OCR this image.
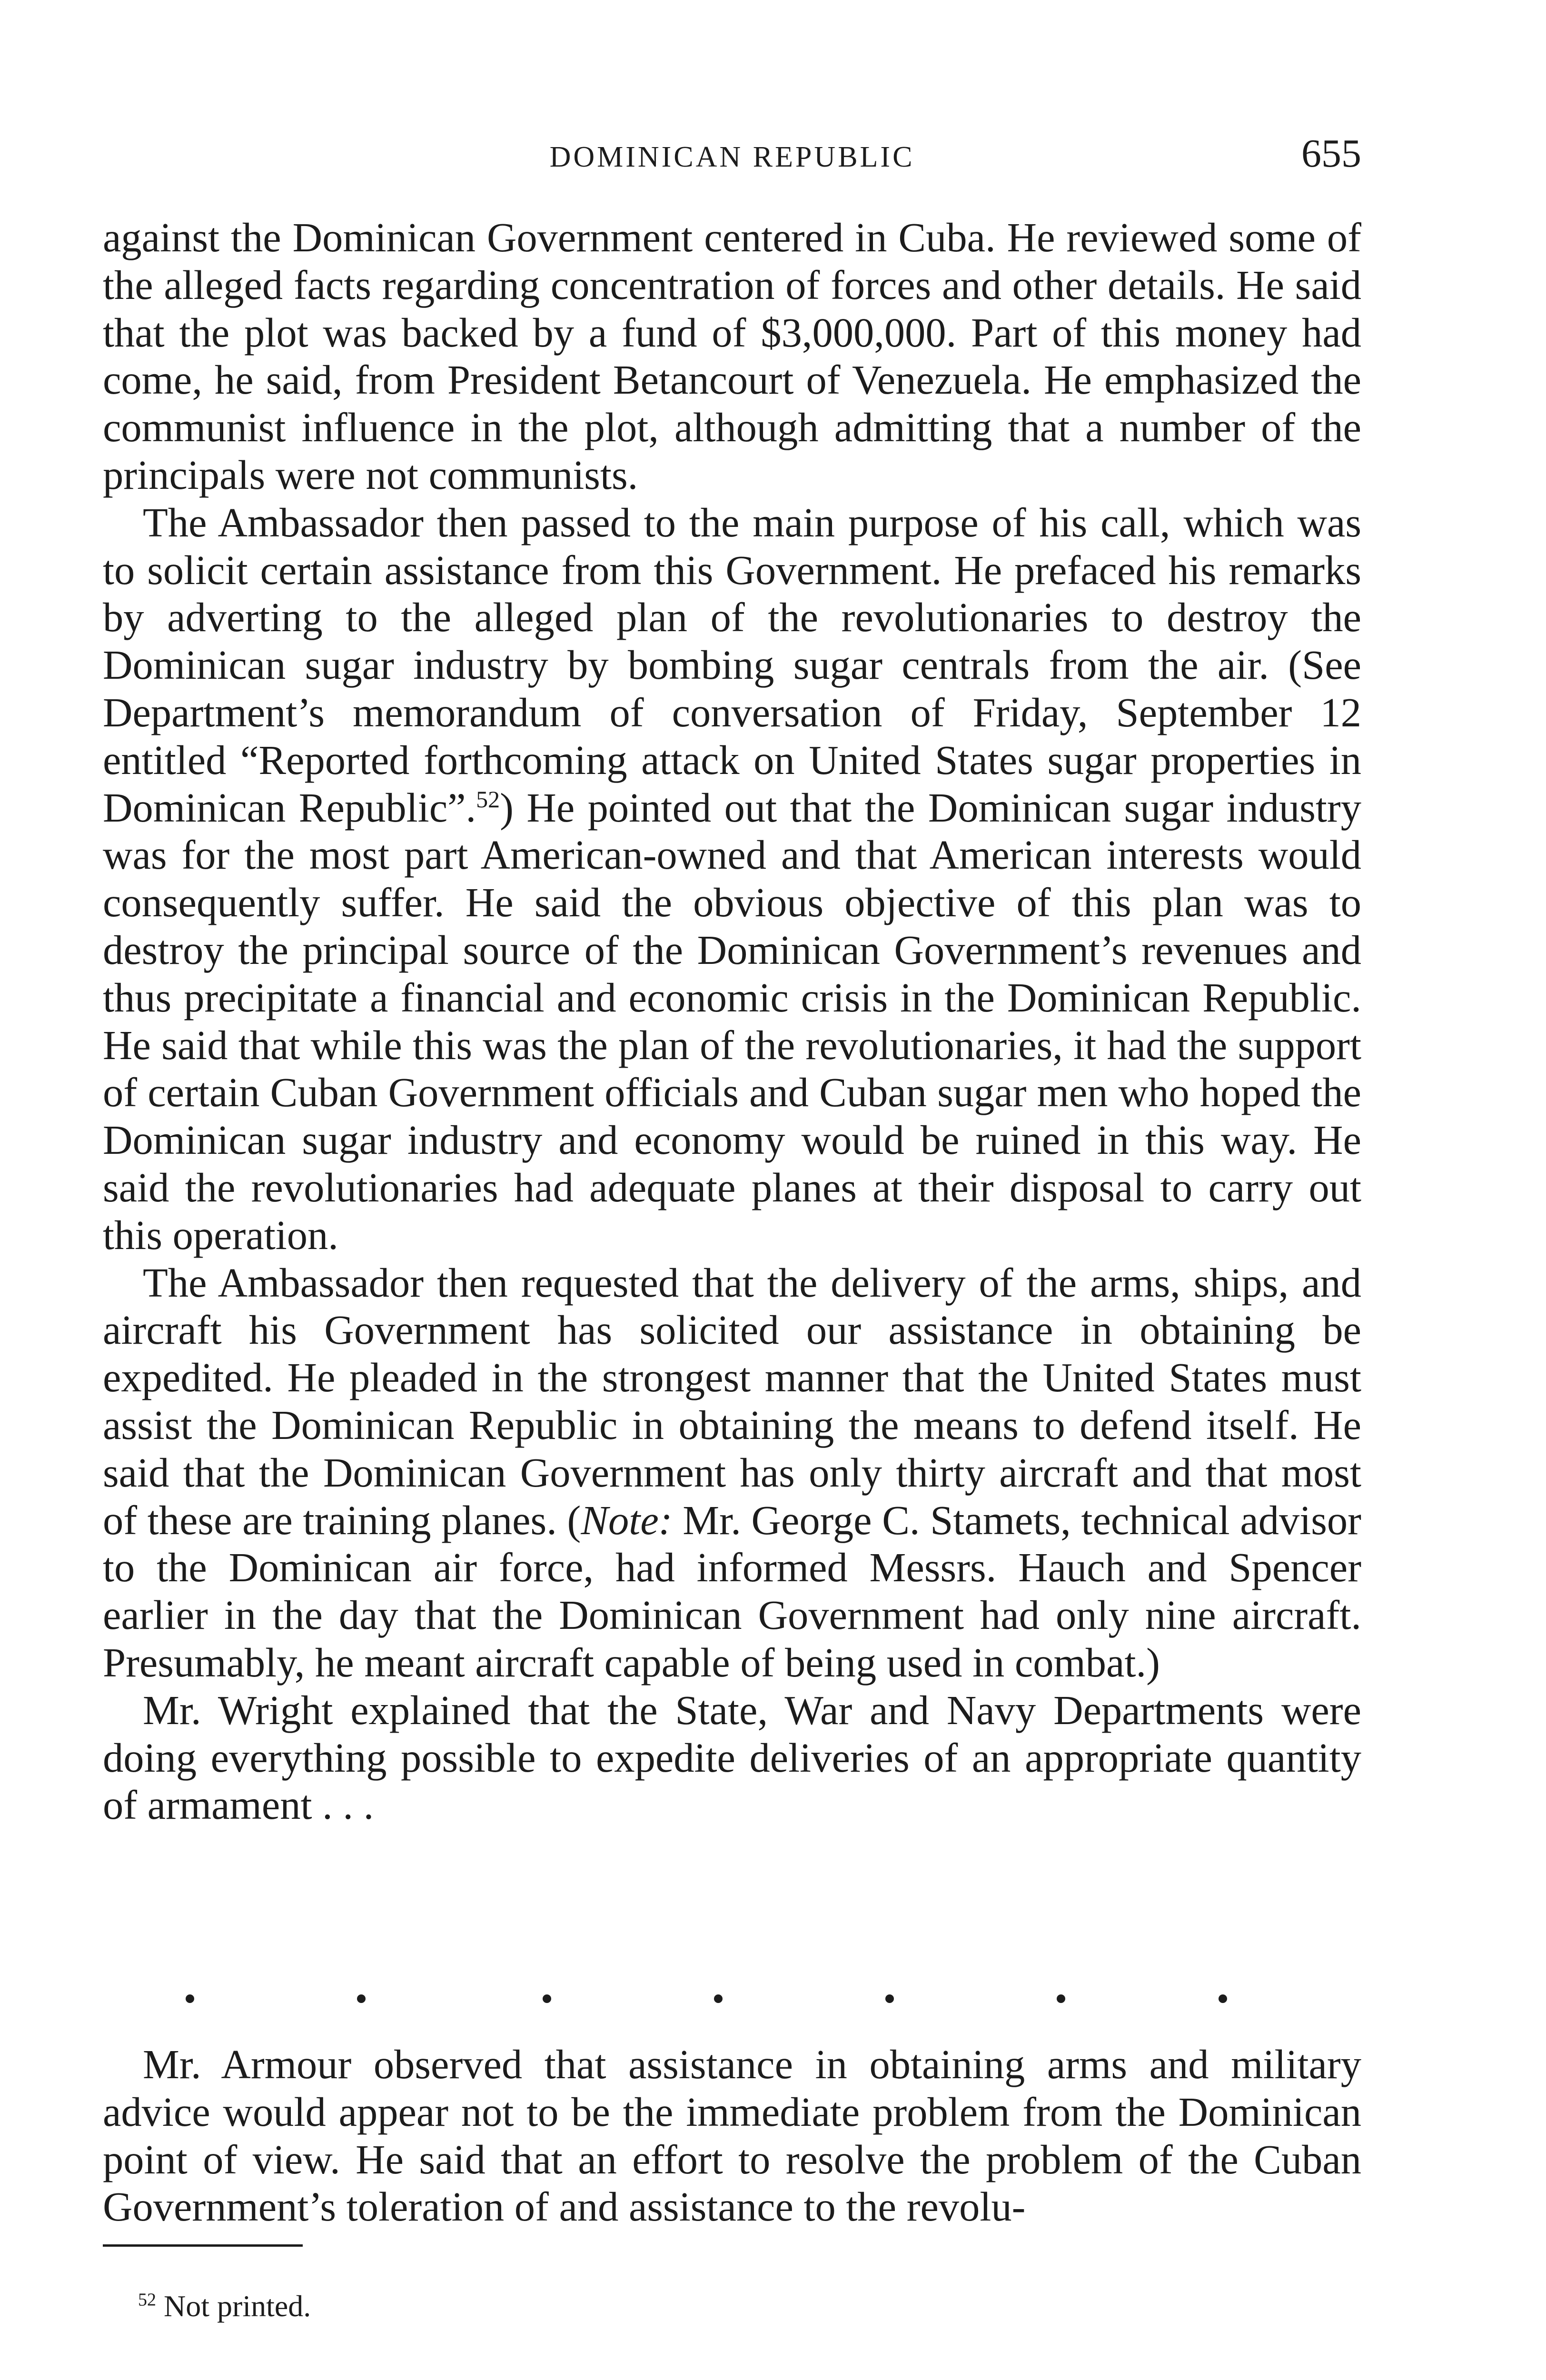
DOMINICAN REPUBLIC	655

against the Dominican Government centered in Cuba. He reviewed some of the alleged facts regarding concentration of forces and other details. He said that the plot was backed by a fund of $3,000,000. Part of this money had come, he said, from President Betancourt of Venezuela. He emphasized the communist influence in the plot, although admitting that a number of the principals were not communists.

The Ambassador then passed to the main purpose of his call, which was to solicit certain assistance from this Government. He prefaced his remarks by adverting to the alleged plan of the revolutionaries to destroy the Dominican sugar industry by bombing sugar centrals from the air. (See Department’s memorandum of conversation of Friday, September 12 entitled “Reported forthcoming attack on United States sugar properties in Dominican Republic”.$^{52}$) He pointed out that the Dominican sugar industry was for the most part American-owned and that American interests would consequently suffer. He said the obvious objective of this plan was to destroy the principal source of the Dominican Government’s revenues and thus precipitate a financial and economic crisis in the Dominican Republic. He said that while this was the plan of the revolutionaries, it had the support of certain Cuban Government officials and Cuban sugar men who hoped the Dominican sugar industry and economy would be ruined in this way. He said the revolutionaries had adequate planes at their disposal to carry out this operation.

The Ambassador then requested that the delivery of the arms, ships, and aircraft his Government has solicited our assistance in obtaining be expedited. He pleaded in the strongest manner that the United States must assist the Dominican Republic in obtaining the means to defend itself. He said that the Dominican Government has only thirty aircraft and that most of these are training planes. (Note: Mr. George C. Stamets, technical advisor to the Dominican air force, had informed Messrs. Hauch and Spencer earlier in the day that the Dominican Government had only nine aircraft. Presumably, he meant aircraft capable of being used in combat.)

Mr. Wright explained that the State, War and Navy Departments were doing everything possible to expedite deliveries of an appropriate quantity of armament . . .

Mr. Armour observed that assistance in obtaining arms and military advice would appear not to be the immediate problem from the Dominican point of view. He said that an effort to resolve the problem of the Cuban Government’s toleration of and assistance to the revolu-

$^{52}$ Not printed.
